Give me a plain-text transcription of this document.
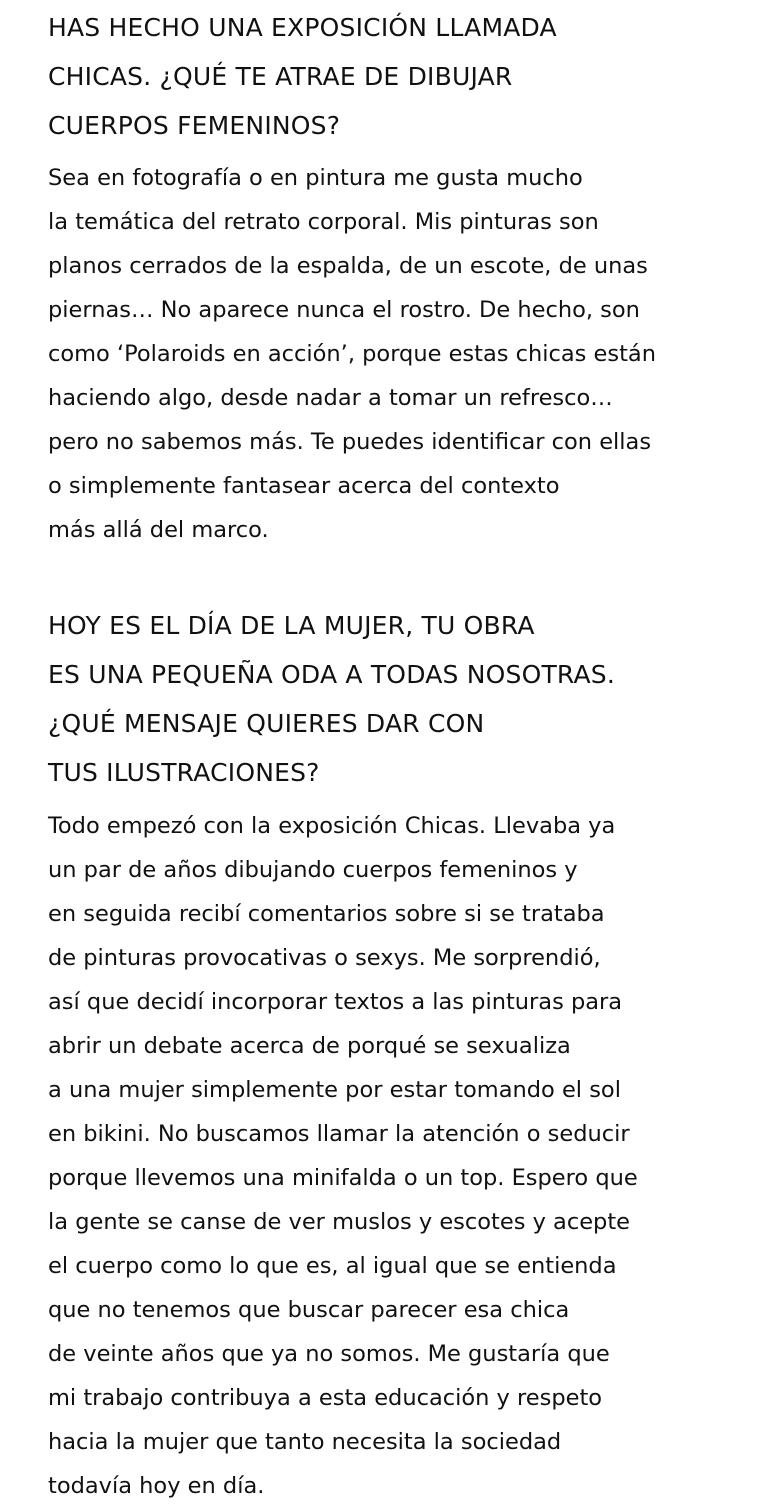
HAS HECHO UNA EXPOSICIÓN LLAMADA
CHICAS. ¿QUÉ TE ATRAE DE DIBUJAR
CUERPOS FEMENINOS?

Sea en fotografía o en pintura me gusta mucho
la temática del retrato corporal. Mis pinturas son
planos cerrados de la espalda, de un escote, de unas
piernas… No aparece nunca el rostro. De hecho, son
como ‘Polaroids en acción’, porque estas chicas están
haciendo algo, desde nadar a tomar un refresco…
pero no sabemos más. Te puedes identificar con ellas
o simplemente fantasear acerca del contexto
más allá del marco.

HOY ES EL DÍA DE LA MUJER, TU OBRA
ES UNA PEQUEÑA ODA A TODAS NOSOTRAS.
¿QUÉ MENSAJE QUIERES DAR CON
TUS ILUSTRACIONES?

Todo empezó con la exposición Chicas. Llevaba ya
un par de años dibujando cuerpos femeninos y
en seguida recibí comentarios sobre si se trataba
de pinturas provocativas o sexys. Me sorprendió,
así que decidí incorporar textos a las pinturas para
abrir un debate acerca de porqué se sexualiza
a una mujer simplemente por estar tomando el sol
en bikini. No buscamos llamar la atención o seducir
porque llevemos una minifalda o un top. Espero que
la gente se canse de ver muslos y escotes y acepte
el cuerpo como lo que es, al igual que se entienda
que no tenemos que buscar parecer esa chica
de veinte años que ya no somos. Me gustaría que
mi trabajo contribuya a esta educación y respeto
hacia la mujer que tanto necesita la sociedad
todavía hoy en día.
